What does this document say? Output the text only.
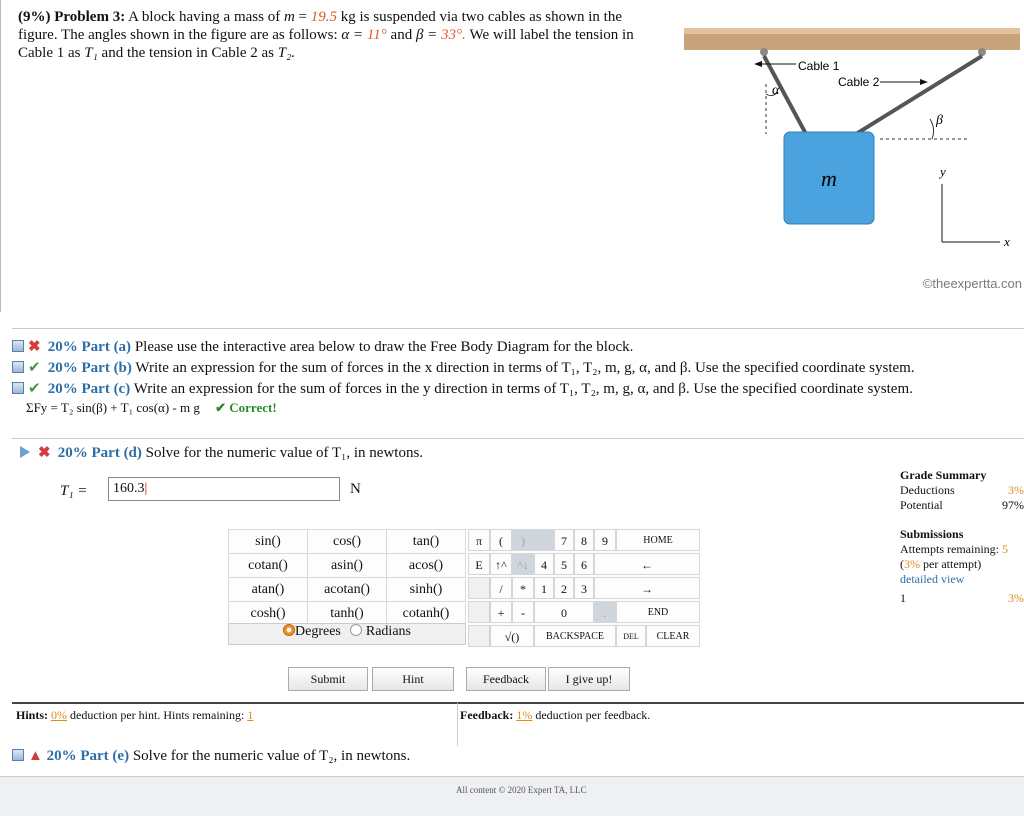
(9%) Problem 3: A block having a mass of m = 19.5 kg is suspended via two cables as shown in the figure. The angles shown in the figure are as follows: α = 11° and β = 33°. We will label the tension in Cable 1 as T₁ and the tension in Cable 2 as T₂.
m
Cable 1
Cable 2
α
β
y
x
©theexpertta.con
✖ 20% Part (a) Please use the interactive area below to draw the Free Body Diagram for the block.
✔ 20% Part (b) Write an expression for the sum of forces in the x direction in terms of T₁, T₂, m, g, α, and β. Use the specified coordinate system.
✔ 20% Part (c) Write an expression for the sum of forces in the y direction in terms of T₁, T₂, m, g, α, and β. Use the specified coordinate system.
ΣFy = T₂ sin(β) + T₁ cos(α) - m g ✔ Correct!
✖ 20% Part (d) Solve for the numeric value of T₁, in newtons.
T₁ =	160.3|	N
sin()	cos()	tan()
cotan()	asin()	acos()
atan()	acotan()	sinh()
cosh()	tanh()	cotanh()
Degrees Radians
π	(	)	7	8	9	HOME
E	↑^ ^↓	4	5	6	←
/	*	1	2	3	→
+	-	0	.	END
√()	BACKSPACE	DEL	CLEAR
Submit	Hint	Feedback	I give up!
Grade Summary
Deductions	3%
Potential	97%
Submissions
Attempts remaining: 5
(3% per attempt)
detailed view
1	3%
Hints: 0% deduction per hint. Hints remaining: 1	Feedback: 1% deduction per feedback.
▲ 20% Part (e) Solve for the numeric value of T₂, in newtons.
All content © 2020 Expert TA, LLC
